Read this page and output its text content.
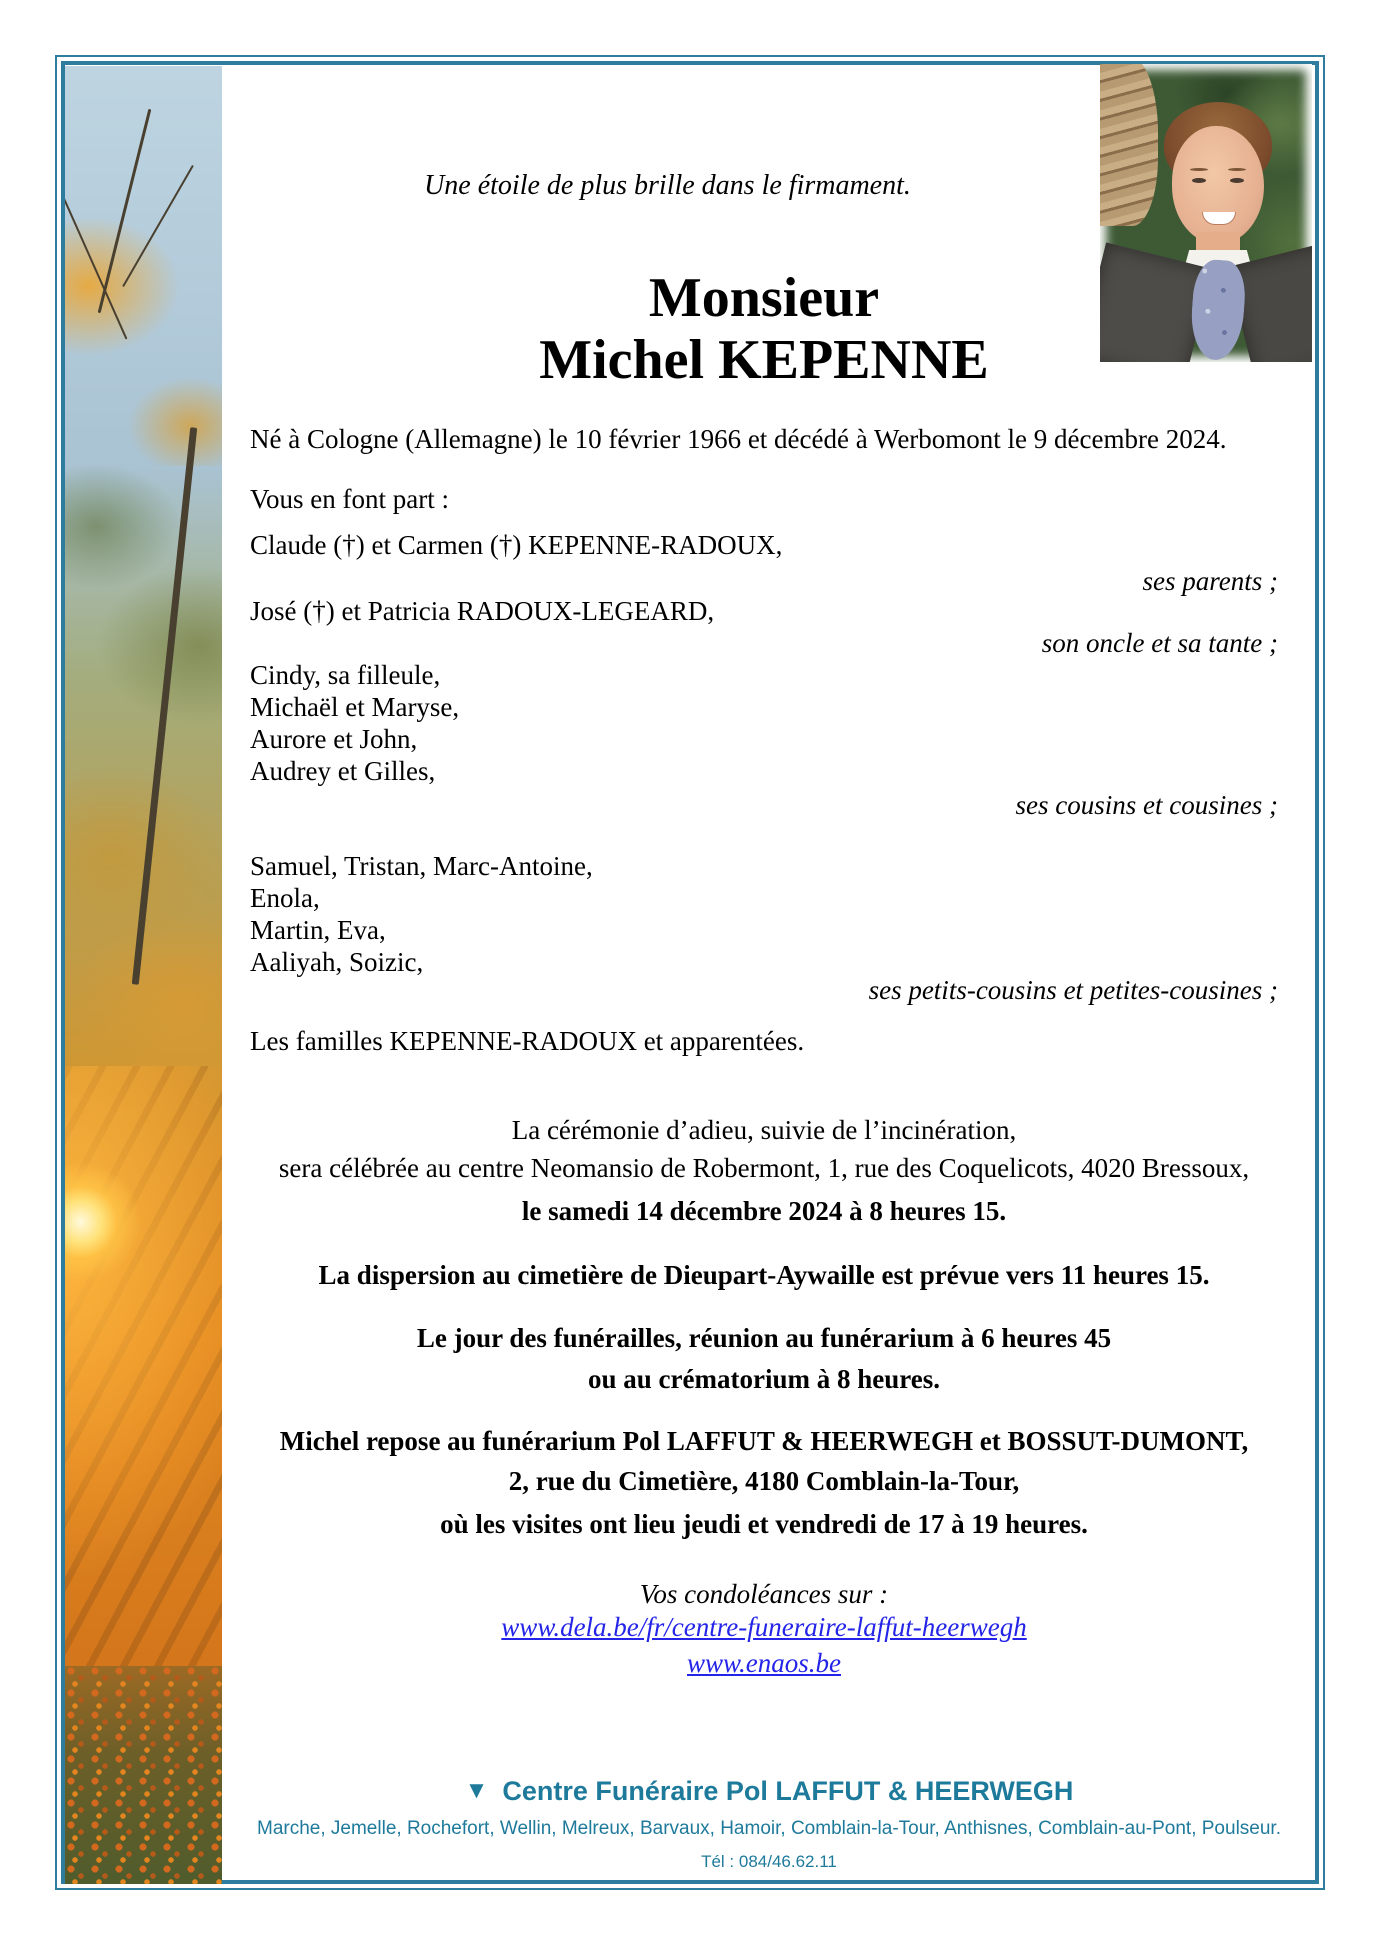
Une étoile de plus brille dans le firmament.
Monsieur
Michel KEPENNE
Né à Cologne (Allemagne) le 10 février 1966 et décédé à Werbomont le 9 décembre 2024.
Vous en font part :
Claude (†) et Carmen (†) KEPENNE-RADOUX,
ses parents ;
José (†) et Patricia RADOUX-LEGEARD,
son oncle et sa tante ;
Cindy, sa filleule,
Michaël et Maryse,
Aurore et John,
Audrey et Gilles,
ses cousins et cousines ;
Samuel, Tristan, Marc-Antoine,
Enola,
Martin, Eva,
Aaliyah, Soizic,
ses petits-cousins et petites-cousines ;
Les familles KEPENNE-RADOUX et apparentées.
La cérémonie d’adieu, suivie de l’incinération,
sera célébrée au centre Neomansio de Robermont, 1, rue des Coquelicots, 4020 Bressoux,
le samedi 14 décembre 2024 à 8 heures 15.
La dispersion au cimetière de Dieupart-Aywaille est prévue vers 11 heures 15.
Le jour des funérailles, réunion au funérarium à 6 heures 45
ou au crématorium à 8 heures.
Michel repose au funérarium Pol LAFFUT & HEERWEGH et BOSSUT-DUMONT,
2, rue du Cimetière, 4180 Comblain-la-Tour,
où les visites ont lieu jeudi et vendredi de 17 à 19 heures.
Vos condoléances sur :
www.dela.be/fr/centre-funeraire-laffut-heerwegh
www.enaos.be
▼ Centre Funéraire Pol LAFFUT & HEERWEGH
Marche, Jemelle, Rochefort, Wellin, Melreux, Barvaux, Hamoir, Comblain-la-Tour, Anthisnes, Comblain-au-Pont, Poulseur.
Tél : 084/46.62.11
